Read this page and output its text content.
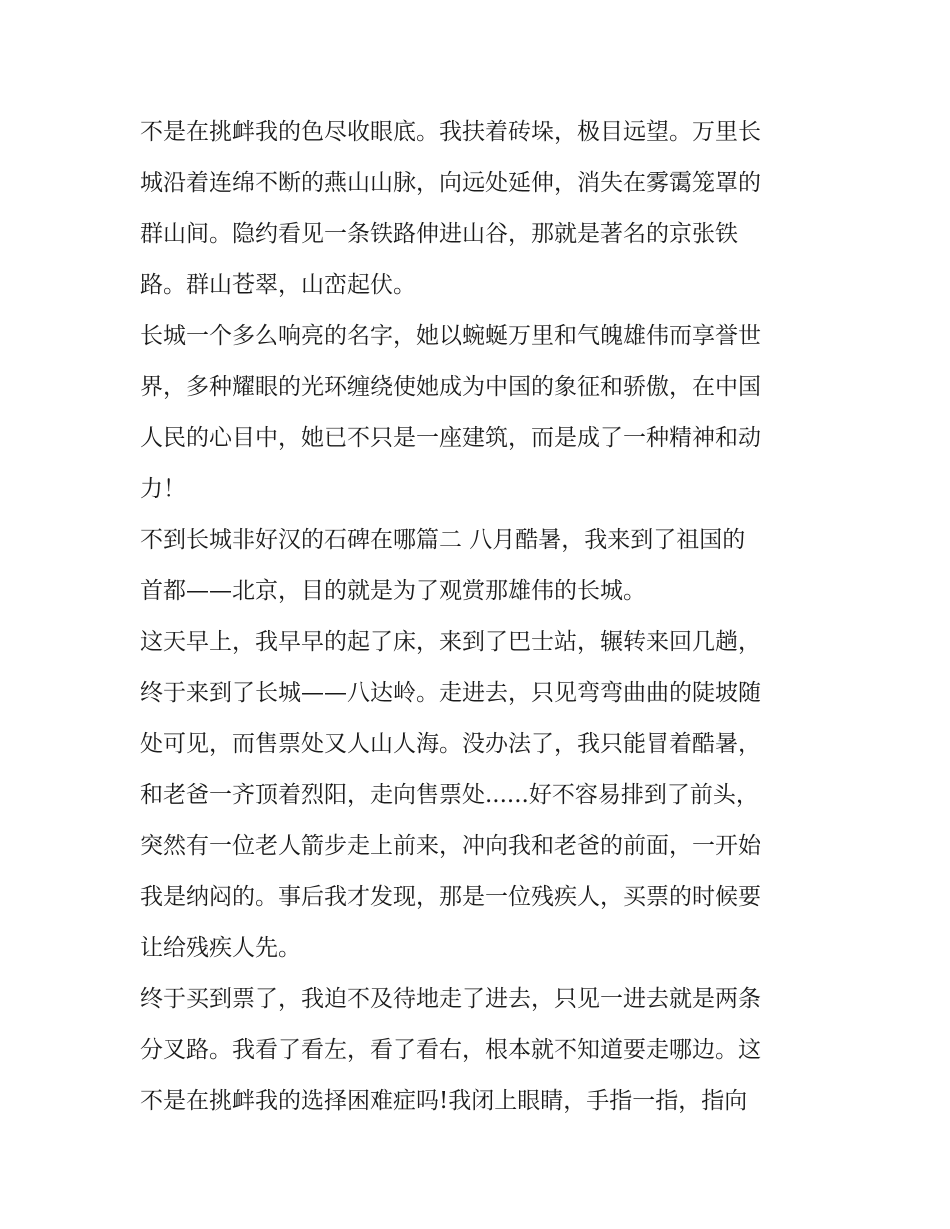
不是在挑衅我的色尽收眼底。我扶着砖垛，极目远望。万里长
城沿着连绵不断的燕山山脉，向远处延伸，消失在雾霭笼罩的
群山间。隐约看见一条铁路伸进山谷，那就是著名的京张铁
路。群山苍翠，山峦起伏。
长城一个多么响亮的名字，她以蜿蜒万里和气魄雄伟而享誉世
界，多种耀眼的光环缠绕使她成为中国的象征和骄傲，在中国
人民的心目中，她已不只是一座建筑，而是成了一种精神和动
力！
不到长城非好汉的石碑在哪篇二 八月酷暑，我来到了祖国的
首都——北京，目的就是为了观赏那雄伟的长城。
这天早上，我早早的起了床，来到了巴士站，辗转来回几趟，
终于来到了长城——八达岭。走进去，只见弯弯曲曲的陡坡随
处可见，而售票处又人山人海。没办法了，我只能冒着酷暑，
和老爸一齐顶着烈阳，走向售票处......好不容易排到了前头，
突然有一位老人箭步走上前来，冲向我和老爸的前面，一开始
我是纳闷的。事后我才发现，那是一位残疾人，买票的时候要
让给残疾人先。
终于买到票了，我迫不及待地走了进去，只见一进去就是两条
分叉路。我看了看左，看了看右，根本就不知道要走哪边。这
不是在挑衅我的选择困难症吗!我闭上眼睛，手指一指，指向
